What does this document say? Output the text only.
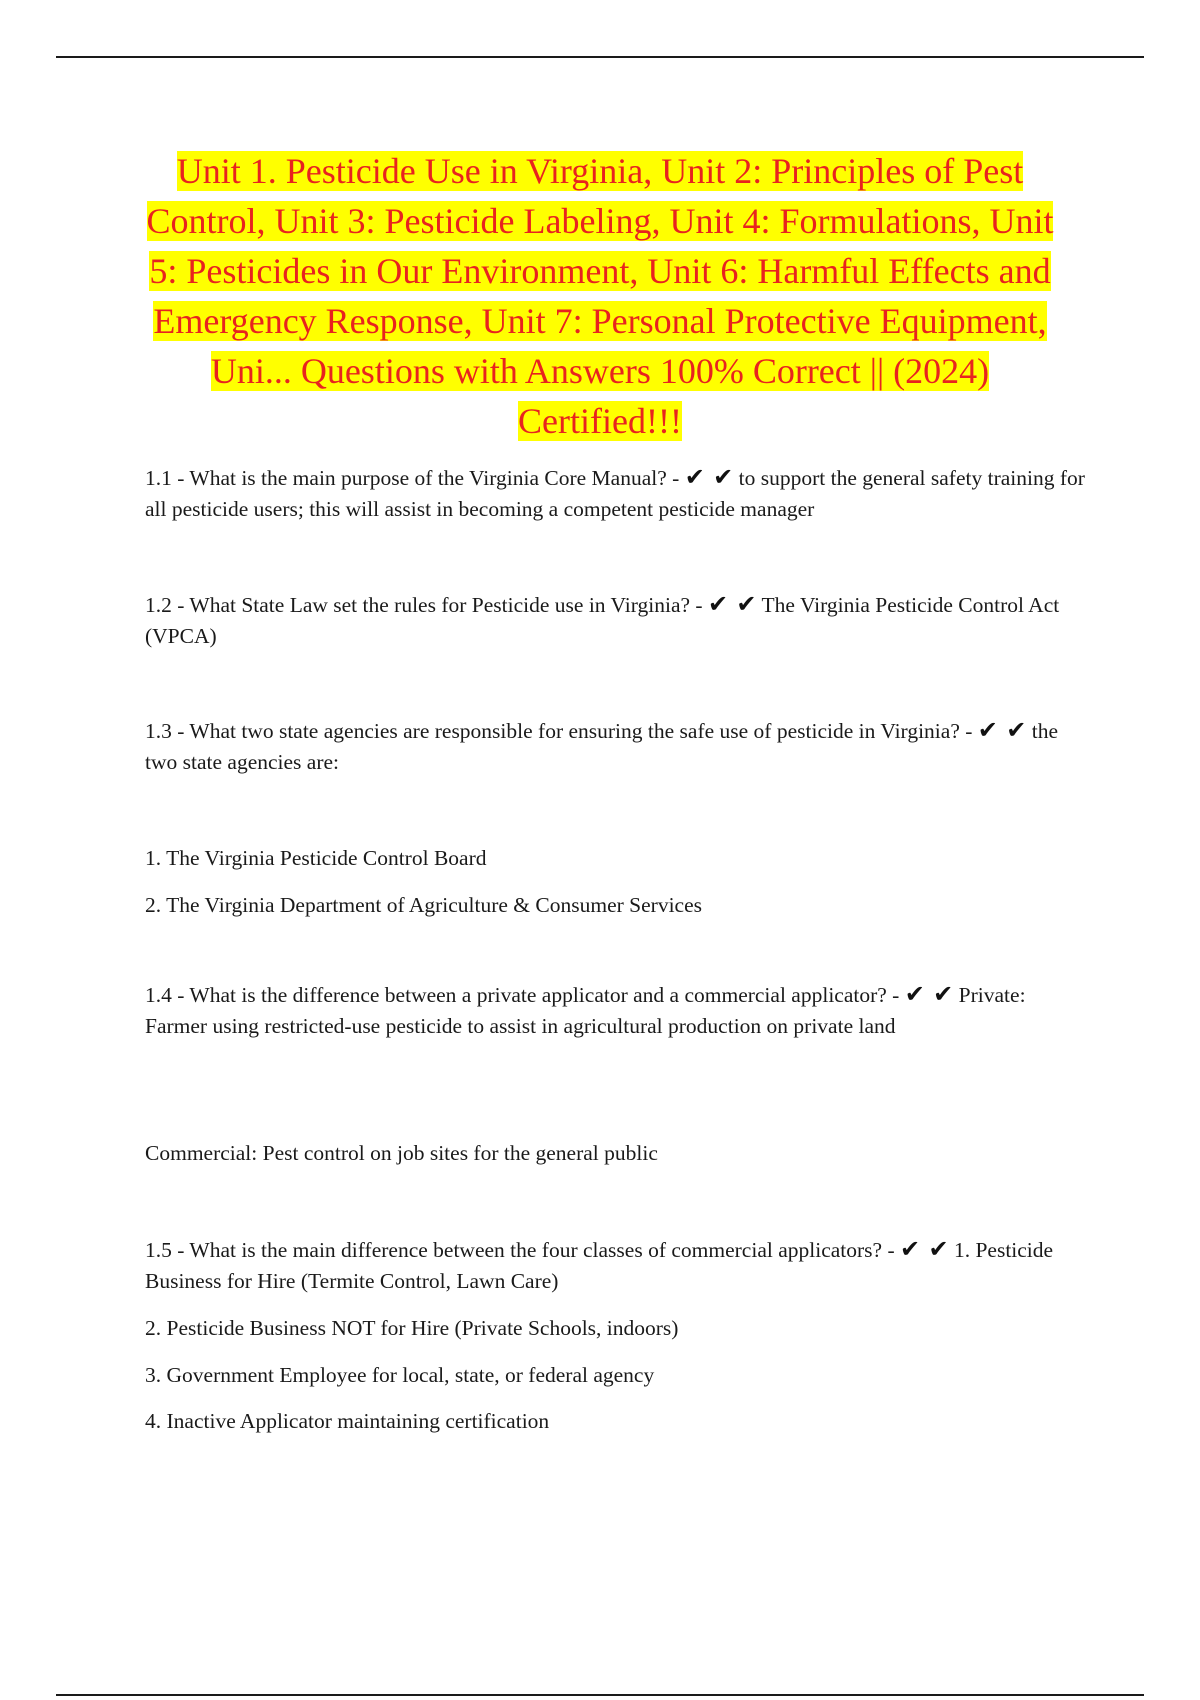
Unit 1. Pesticide Use in Virginia, Unit 2: Principles of Pest Control, Unit 3: Pesticide Labeling, Unit 4: Formulations, Unit 5: Pesticides in Our Environment, Unit 6: Harmful Effects and Emergency Response, Unit 7: Personal Protective Equipment, Uni... Questions with Answers 100% Correct || (2024) Certified!!!
1.1 - What is the main purpose of the Virginia Core Manual? - ✔ ✔ to support the general safety training for all pesticide users; this will assist in becoming a competent pesticide manager
1.2 - What State Law set the rules for Pesticide use in Virginia? - ✔ ✔ The Virginia Pesticide Control Act (VPCA)
1.3 - What two state agencies are responsible for ensuring the safe use of pesticide in Virginia? - ✔ ✔ the two state agencies are:
1. The Virginia Pesticide Control Board
2. The Virginia Department of Agriculture & Consumer Services
1.4 - What is the difference between a private applicator and a commercial applicator? - ✔ ✔ Private: Farmer using restricted-use pesticide to assist in agricultural production on private land
Commercial: Pest control on job sites for the general public
1.5 - What is the main difference between the four classes of commercial applicators? - ✔ ✔ 1. Pesticide Business for Hire (Termite Control, Lawn Care)
2. Pesticide Business NOT for Hire (Private Schools, indoors)
3. Government Employee for local, state, or federal agency
4. Inactive Applicator maintaining certification
